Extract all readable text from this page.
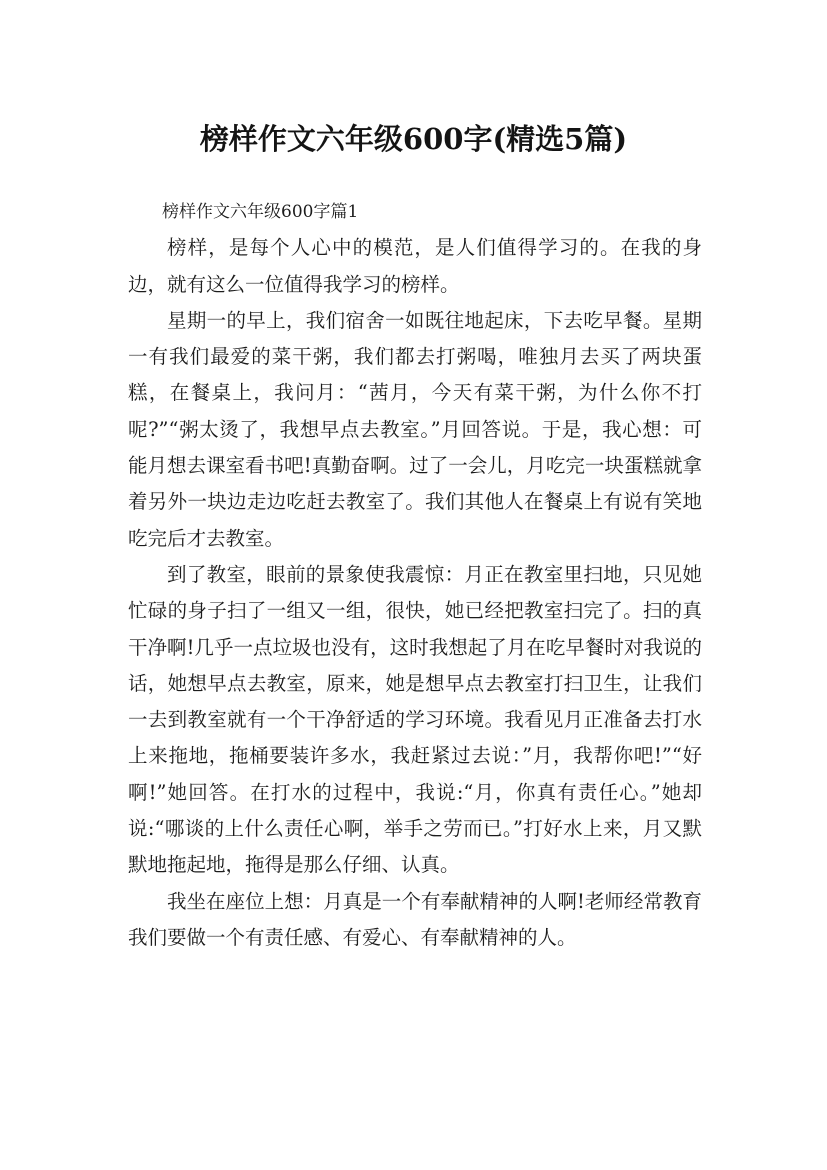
榜样作文六年级600字(精选5篇)

榜样作文六年级600字篇1

榜样，是每个人心中的模范，是人们值得学习的。在我的身边，就有这么一位值得我学习的榜样。

星期一的早上，我们宿舍一如既往地起床，下去吃早餐。星期一有我们最爱的菜干粥，我们都去打粥喝，唯独月去买了两块蛋糕，在餐桌上，我问月：“茜月，今天有菜干粥，为什么你不打呢?”“粥太烫了，我想早点去教室。”月回答说。于是，我心想：可能月想去课室看书吧!真勤奋啊。过了一会儿，月吃完一块蛋糕就拿着另外一块边走边吃赶去教室了。我们其他人在餐桌上有说有笑地吃完后才去教室。

到了教室，眼前的景象使我震惊：月正在教室里扫地，只见她忙碌的身子扫了一组又一组，很快，她已经把教室扫完了。扫的真干净啊!几乎一点垃圾也没有，这时我想起了月在吃早餐时对我说的话，她想早点去教室，原来，她是想早点去教室打扫卫生，让我们一去到教室就有一个干净舒适的学习环境。我看见月正准备去打水上来拖地，拖桶要装许多水，我赶紧过去说：”月，我帮你吧!”“好啊!”她回答。在打水的过程中，我说:“月，你真有责任心。”她却说:“哪谈的上什么责任心啊，举手之劳而已。”打好水上来，月又默默地拖起地，拖得是那么仔细、认真。

我坐在座位上想：月真是一个有奉献精神的人啊!老师经常教育我们要做一个有责任感、有爱心、有奉献精神的人。
